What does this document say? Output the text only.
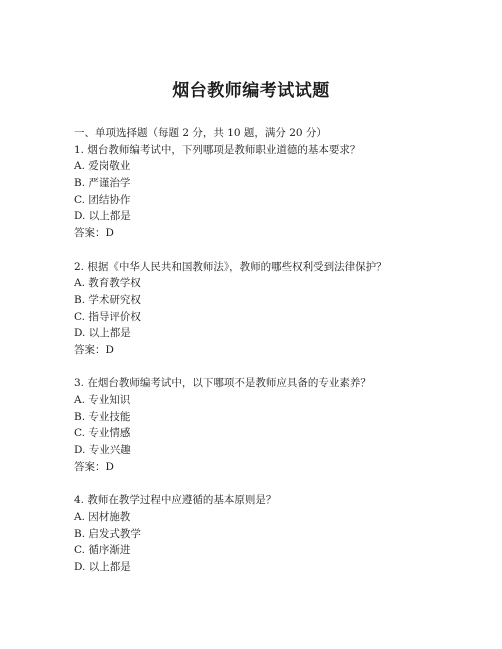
烟台教师编考试试题
一、单项选择题（每题 2 分，共 10 题，满分 20 分）
1. 烟台教师编考试中，下列哪项是教师职业道德的基本要求？
A. 爱岗敬业
B. 严谨治学
C. 团结协作
D. 以上都是
答案：D
2. 根据《中华人民共和国教师法》，教师的哪些权利受到法律保护？
A. 教育教学权
B. 学术研究权
C. 指导评价权
D. 以上都是
答案：D
3. 在烟台教师编考试中，以下哪项不是教师应具备的专业素养？
A. 专业知识
B. 专业技能
C. 专业情感
D. 专业兴趣
答案：D
4. 教师在教学过程中应遵循的基本原则是？
A. 因材施教
B. 启发式教学
C. 循序渐进
D. 以上都是
